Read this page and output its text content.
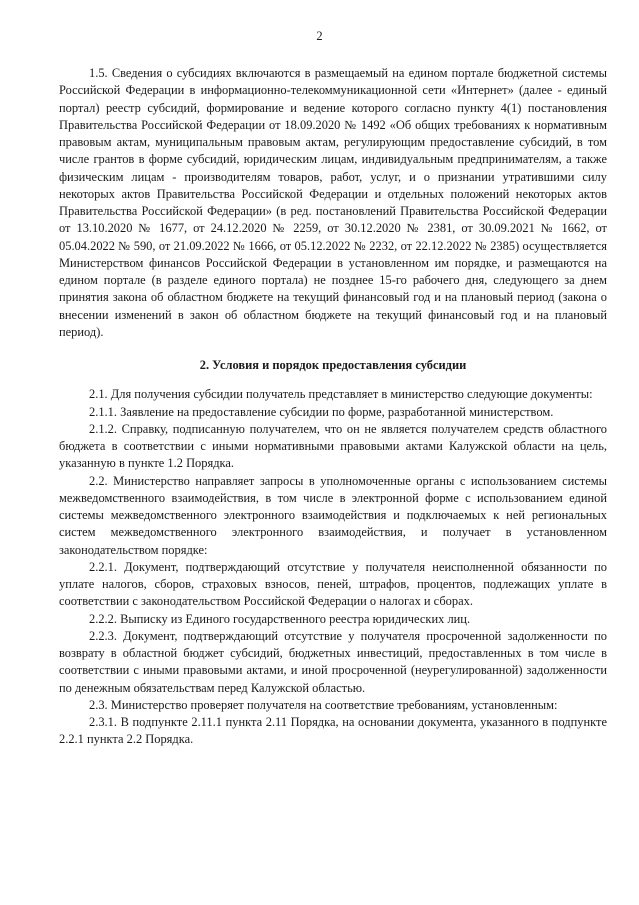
2

1.5. Сведения о субсидиях включаются в размещаемый на едином портале бюджетной системы Российской Федерации в информационно-телекоммуникационной сети «Интернет» (далее - единый портал) реестр субсидий, формирование и ведение которого согласно пункту 4(1) постановления Правительства Российской Федерации от 18.09.2020 № 1492 «Об общих требованиях к нормативным правовым актам, муниципальным правовым актам, регулирующим предоставление субсидий, в том числе грантов в форме субсидий, юридическим лицам, индивидуальным предпринимателям, а также физическим лицам - производителям товаров, работ, услуг, и о признании утратившими силу некоторых актов Правительства Российской Федерации и отдельных положений некоторых актов Правительства Российской Федерации» (в ред. постановлений Правительства Российской Федерации от 13.10.2020 № 1677, от 24.12.2020 № 2259, от 30.12.2020 № 2381, от 30.09.2021 № 1662, от 05.04.2022 № 590, от 21.09.2022 № 1666, от 05.12.2022 № 2232, от 22.12.2022 № 2385) осуществляется Министерством финансов Российской Федерации в установленном им порядке, и размещаются на едином портале (в разделе единого портала) не позднее 15-го рабочего дня, следующего за днем принятия закона об областном бюджете на текущий финансовый год и на плановый период (закона о внесении изменений в закон об областном бюджете на текущий финансовый год и на плановый период).

2. Условия и порядок предоставления субсидии

2.1. Для получения субсидии получатель представляет в министерство следующие документы:

2.1.1. Заявление на предоставление субсидии по форме, разработанной министерством.

2.1.2. Справку, подписанную получателем, что он не является получателем средств областного бюджета в соответствии с иными нормативными правовыми актами Калужской области на цель, указанную в пункте 1.2 Порядка.

2.2. Министерство направляет запросы в уполномоченные органы с использованием системы межведомственного взаимодействия, в том числе в электронной форме с использованием единой системы межведомственного электронного взаимодействия и подключаемых к ней региональных систем межведомственного электронного взаимодействия, и получает в установленном законодательством порядке:

2.2.1. Документ, подтверждающий отсутствие у получателя неисполненной обязанности по уплате налогов, сборов, страховых взносов, пеней, штрафов, процентов, подлежащих уплате в соответствии с законодательством Российской Федерации о налогах и сборах.

2.2.2. Выписку из Единого государственного реестра юридических лиц.

2.2.3. Документ, подтверждающий отсутствие у получателя просроченной задолженности по возврату в областной бюджет субсидий, бюджетных инвестиций, предоставленных в том числе в соответствии с иными правовыми актами, и иной просроченной (неурегулированной) задолженности по денежным обязательствам перед Калужской областью.

2.3. Министерство проверяет получателя на соответствие требованиям, установленным:

2.3.1. В подпункте 2.11.1 пункта 2.11 Порядка, на основании документа, указанного в подпункте 2.2.1 пункта 2.2 Порядка.
